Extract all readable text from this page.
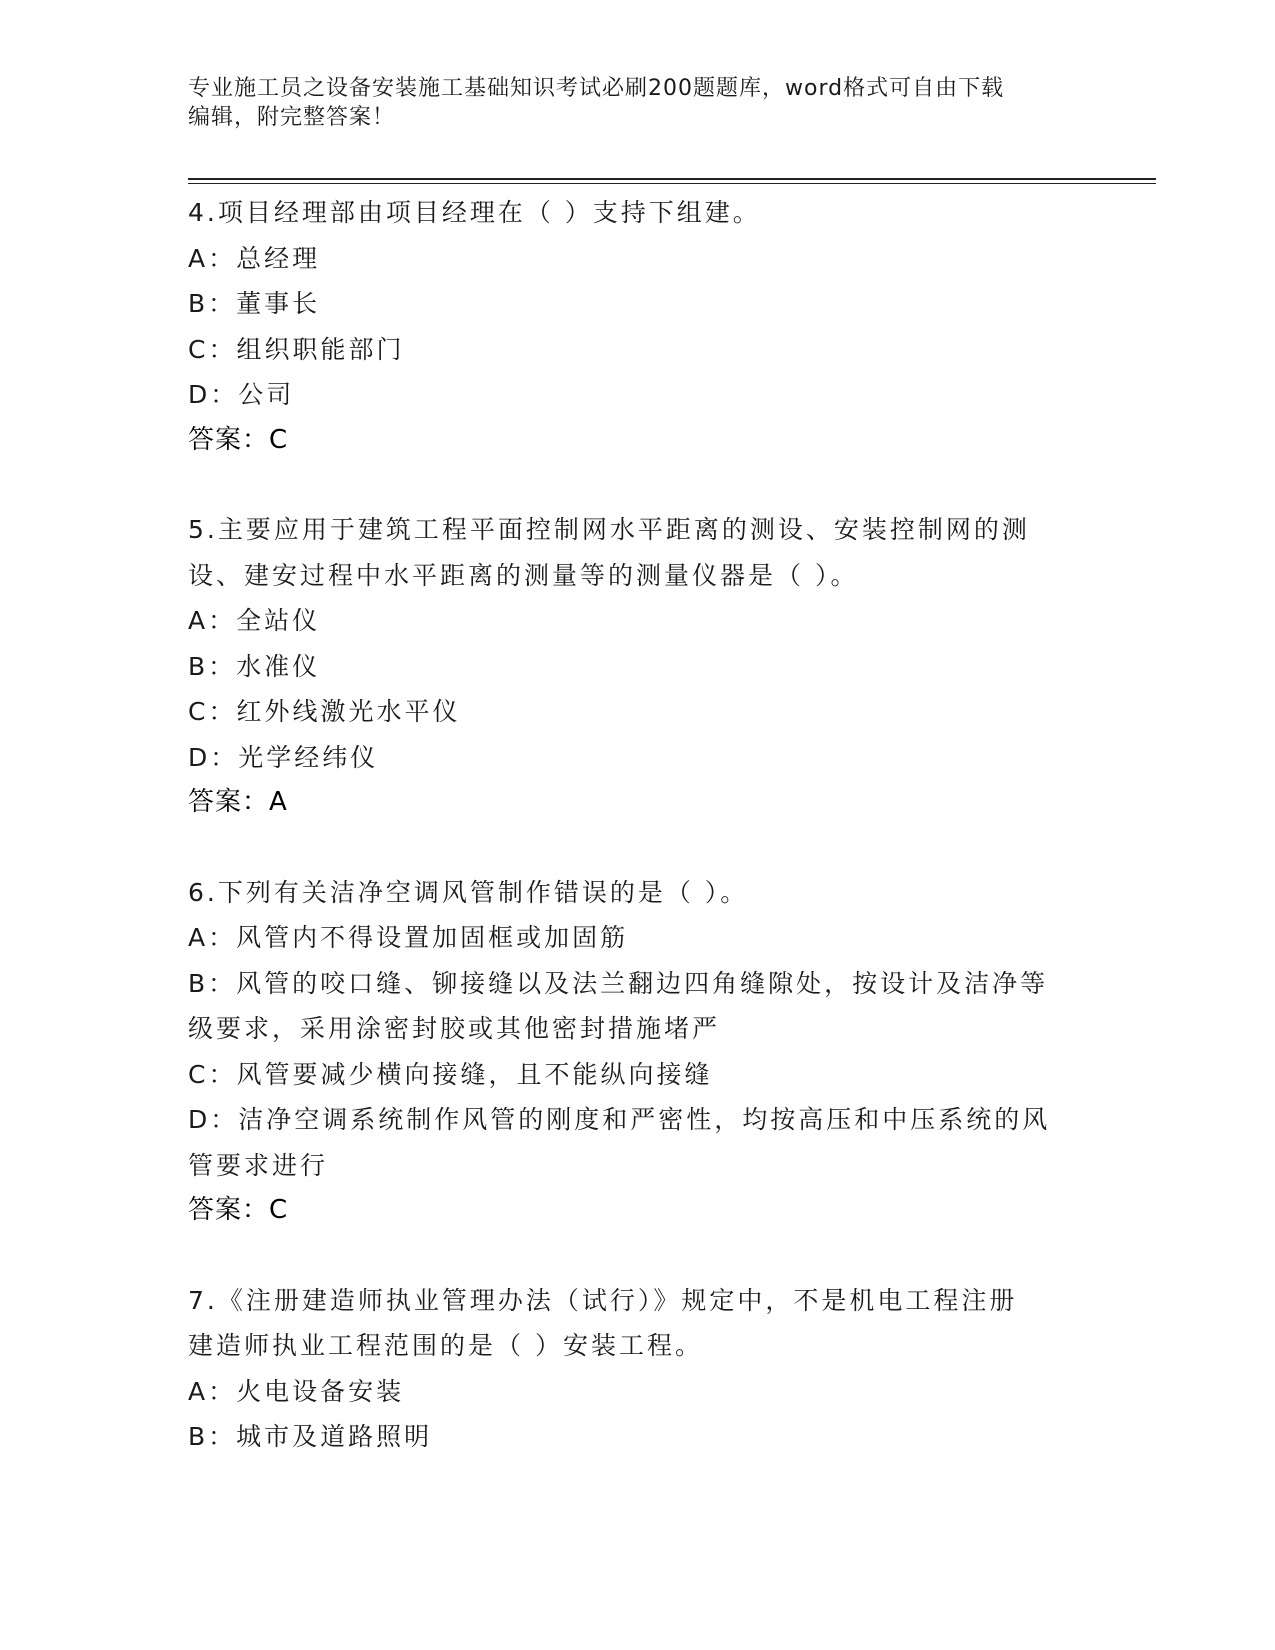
专业施工员之设备安装施工基础知识考试必刷200题题库，word格式可自由下载
编辑，附完整答案！
4.项目经理部由项目经理在（ ）支持下组建。
A：总经理
B：董事长
C：组织职能部门
D：公司
答案：C
5.主要应用于建筑工程平面控制网水平距离的测设、安装控制网的测
设、建安过程中水平距离的测量等的测量仪器是（ ）。
A：全站仪
B：水准仪
C：红外线激光水平仪
D：光学经纬仪
答案：A
6.下列有关洁净空调风管制作错误的是（ ）。
A：风管内不得设置加固框或加固筋
B：风管的咬口缝、铆接缝以及法兰翻边四角缝隙处，按设计及洁净等
级要求，采用涂密封胶或其他密封措施堵严
C：风管要减少横向接缝，且不能纵向接缝
D：洁净空调系统制作风管的刚度和严密性，均按高压和中压系统的风
管要求进行
答案：C
7.《注册建造师执业管理办法（试行）》规定中，不是机电工程注册
建造师执业工程范围的是（ ）安装工程。
A：火电设备安装
B：城市及道路照明
